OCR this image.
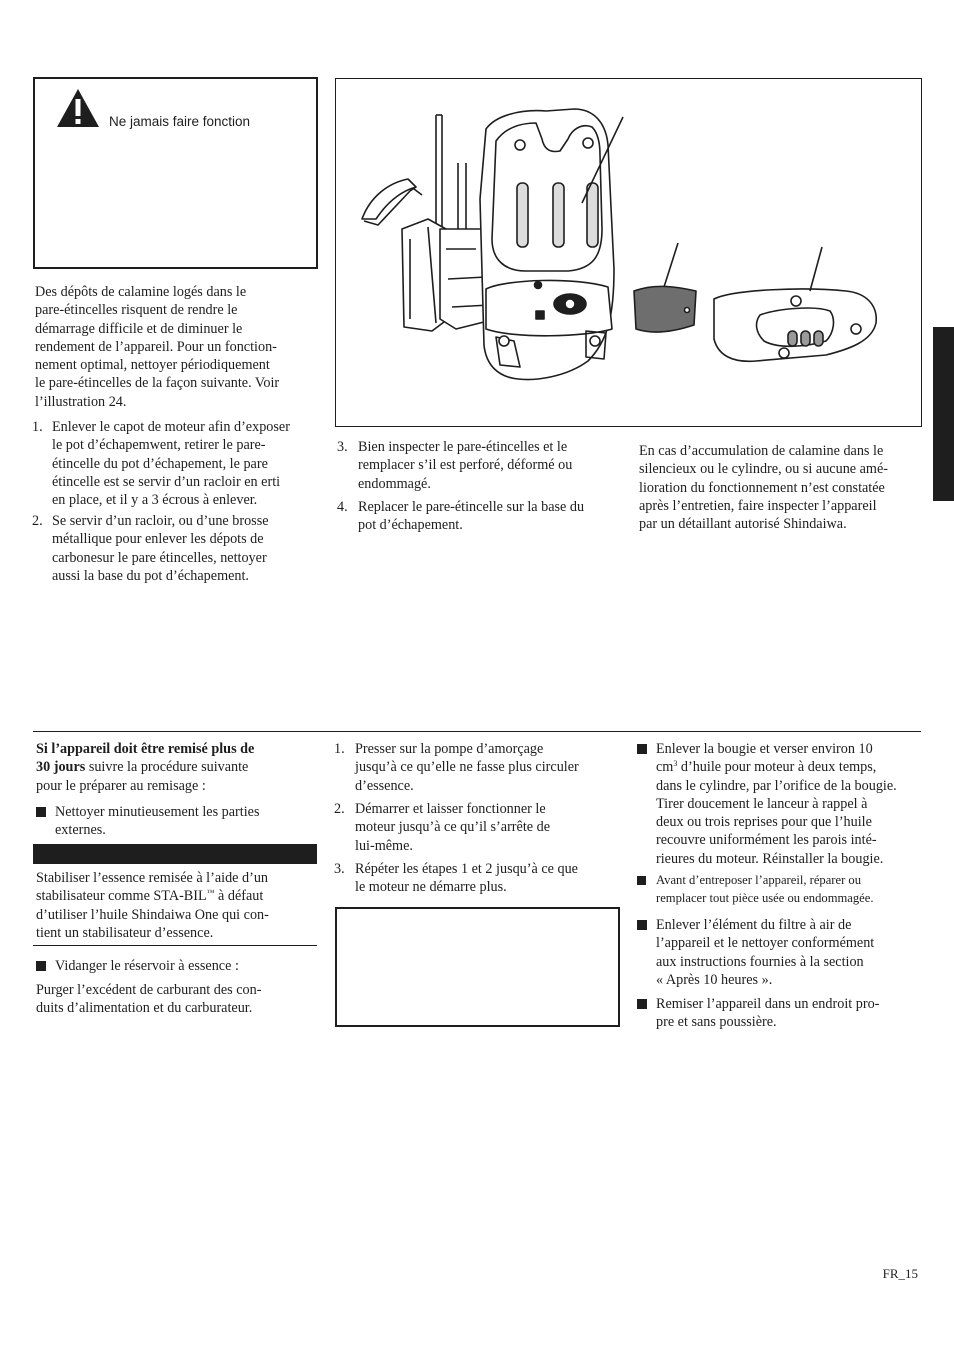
Ne jamais faire fonction
Des dépôts de calamine logés dans le
pare-étincelles risquent de rendre le
démarrage difficile et de diminuer le
rendement de l’appareil. Pour un fonction-
nement optimal, nettoyer périodiquement
le pare-étincelles de la façon suivante. Voir
l’illustration 24.
1. Enlever le capot de moteur afin d’exposer
le pot d’échapemwent, retirer le pare-
étincelle du pot d’échapement, le pare
étincelle est se servir d’un racloir en erti
en place, et il y a 3 écrous à enlever.
2. Se servir d’un racloir, ou d’une brosse
métallique pour enlever les dépots de
carbonesur le pare étincelles, nettoyer
aussi la base du pot d’échapement.
3. Bien inspecter le pare-étincelles et le
remplacer s’il est perforé, déformé ou
endommagé.
4. Replacer le pare-étincelle sur la base du
pot d’échapement.
En cas d’accumulation de calamine dans le
silencieux ou le cylindre, ou si aucune amé-
lioration du fonctionnement n’est constatée
après l’entretien, faire inspecter l’appareil
par un détaillant autorisé Shindaiwa.
Si l’appareil doit être remisé plus de
30 jours suivre la procédure suivante
pour le préparer au remisage :
Nettoyer minutieusement les parties
externes.
Stabiliser l’essence remisée à l’aide d’un
stabilisateur comme STA-BIL™ à défaut
d’utiliser l’huile Shindaiwa One qui con-
tient un stabilisateur d’essence.
Vidanger le réservoir à essence :
Purger l’excédent de carburant des con-
duits d’alimentation et du carburateur.
1. Presser sur la pompe d’amorçage
jusqu’à ce qu’elle ne fasse plus circuler
d’essence.
2. Démarrer et laisser fonctionner le
moteur jusqu’à ce qu’il s’arrête de
lui-même.
3. Répéter les étapes 1 et 2 jusqu’à ce que
le moteur ne démarre plus.
Enlever la bougie et verser environ 10
$cm^3$ d’huile pour moteur à deux temps,
dans le cylindre, par l’orifice de la bougie.
Tirer doucement le lanceur à rappel à
deux ou trois reprises pour que l’huile
recouvre uniformément les parois inté-
rieures du moteur. Réinstaller la bougie.
Avant d’entreposer l’appareil, réparer ou
remplacer tout pièce usée ou endommagée.
Enlever l’élément du filtre à air de
l’appareil et le nettoyer conformément
aux instructions fournies à la section
« Après 10 heures ».
Remiser l’appareil dans un endroit pro-
pre et sans poussière.
FR_15
